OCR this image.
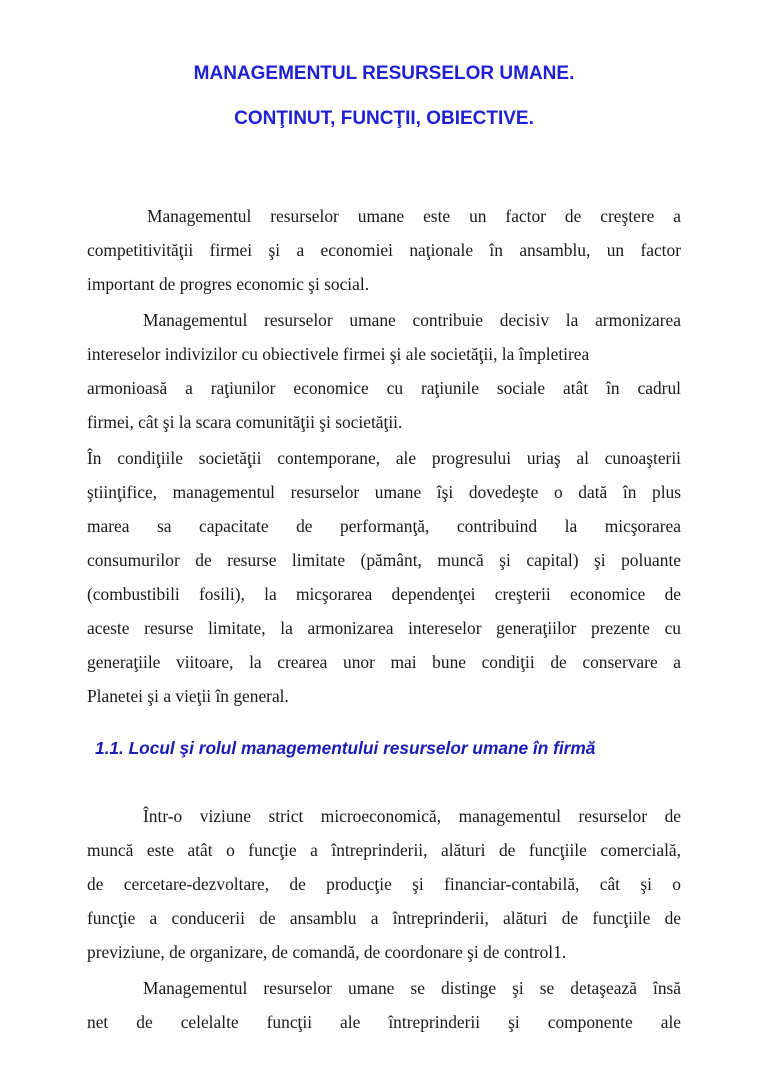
MANAGEMENTUL RESURSELOR UMANE.
CONŢINUT, FUNCŢII, OBIECTIVE.
Managementul resurselor umane este un factor de creştere a
competitivităţii firmei şi a economiei naţionale în ansamblu, un factor
important de progres economic şi social.
Managementul resurselor umane contribuie decisiv la armonizarea
intereselor indivizilor cu obiectivele firmei şi ale societăţii, la împletirea
armonioasă a raţiunilor economice cu raţiunile sociale atât în cadrul
firmei, cât şi la scara comunităţii şi societăţii.
În condiţiile societăţii contemporane, ale progresului uriaş al cunoaşterii
ştiinţifice, managementul resurselor umane îşi dovedeşte o dată în plus
marea sa capacitate de performanţă, contribuind la micşorarea
consumurilor de resurse limitate (pământ, muncă şi capital) şi poluante
(combustibili fosili), la micşorarea dependenţei creşterii economice de
aceste resurse limitate, la armonizarea intereselor generaţiilor prezente cu
generaţiile viitoare, la crearea unor mai bune condiţii de conservare a
Planetei şi a vieţii în general.
1.1. Locul şi rolul managementului resurselor umane în firmă
Într-o viziune strict microeconomică, managementul resurselor de
muncă este atât o funcţie a întreprinderii, alături de funcţiile comercială,
de cercetare-dezvoltare, de producţie şi financiar-contabilă, cât şi o
funcţie a conducerii de ansamblu a întreprinderii, alături de funcţiile de
previziune, de organizare, de comandă, de coordonare şi de control1.
Managementul resurselor umane se distinge şi se detaşează însă
net de celelalte funcţii ale întreprinderii şi componente ale
